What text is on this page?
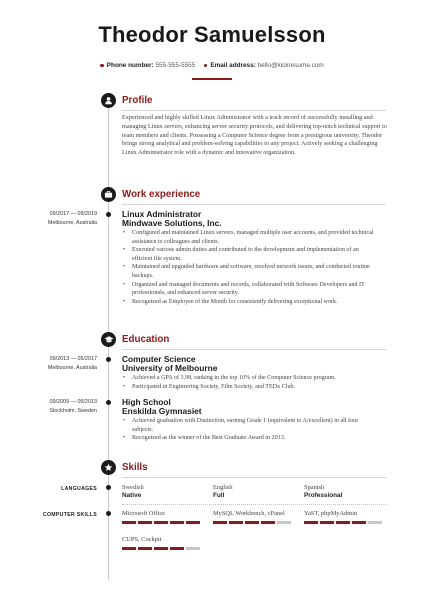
Theodor Samuelsson
Phone number: 555-555-5555 Email address: hello@kickresume.com
Profile
Experienced and highly skilled Linux Administrator with a track record of successfully installing and managing Linux servers, enhancing server security protocols, and delivering top-notch technical support to team members and clients. Possessing a Computer Science degree from a prestigious university, Theodor brings strong analytical and problem-solving capabilities to any project. Actively seeking a challenging Linux Administrator role with a dynamic and innovative organization.
Work experience
09/2017 — 09/2019
Melbourne, Australia
Linux Administrator
Mindwave Solutions, Inc.
• Configured and maintained Linux servers, managed multiple user accounts, and provided technical assistance to colleagues and clients.
• Executed various admin duties and contributed to the development and implementation of an efficient file system.
• Maintained and upgraded hardware and software, resolved network issues, and conducted routine backups.
• Organized and managed documents and records, collaborated with Software Developers and IT professionals, and enhanced server security.
• Recognized as Employee of the Month for consistently delivering exceptional work.
Education
09/2013 — 05/2017
Melbourne, Australia
Computer Science
University of Melbourne
• Achieved a GPA of 3.98, ranking in the top 10% of the Computer Science program.
• Participated in Engineering Society, Film Society, and TEDx Club.
09/2009 — 05/2013
Stockholm, Sweden
High School
Enskilda Gymnasiet
• Achieved graduation with Distinction, earning Grade 1 (equivalent to A/excellent) in all four subjects.
• Recognized as the winner of the Best Graduate Award in 2013.
Skills
LANGUAGES	Swedish
Native
English
Full
Spanish
Professional
COMPUTER SKILLS	Microsoft Office	MySQL Workbench, cPanel	YaST, phpMyAdmin
CUPS, Cockpit
